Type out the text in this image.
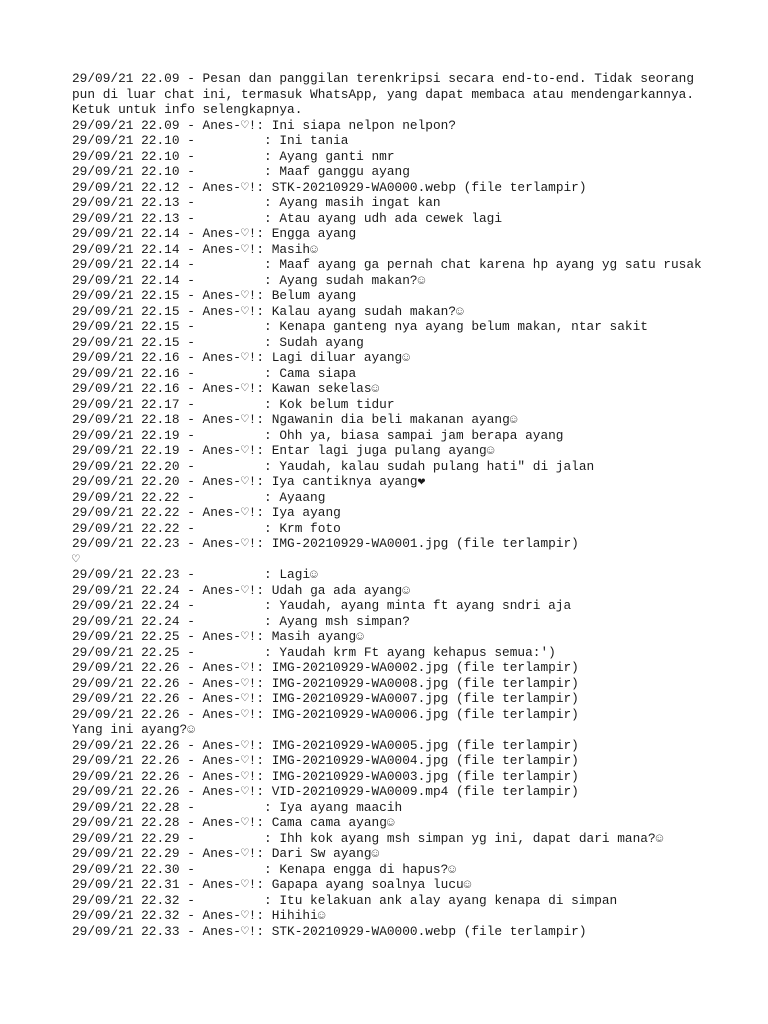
29/09/21 22.09 - Pesan dan panggilan terenkripsi secara end-to-end. Tidak seorang
pun di luar chat ini, termasuk WhatsApp, yang dapat membaca atau mendengarkannya.
Ketuk untuk info selengkapnya.
29/09/21 22.09 - Anes-♡!: Ini siapa nelpon nelpon?
29/09/21 22.10 -         : Ini tania
29/09/21 22.10 -         : Ayang ganti nmr
29/09/21 22.10 -         : Maaf ganggu ayang
29/09/21 22.12 - Anes-♡!: STK-20210929-WA0000.webp (file terlampir)
29/09/21 22.13 -         : Ayang masih ingat kan
29/09/21 22.13 -         : Atau ayang udh ada cewek lagi
29/09/21 22.14 - Anes-♡!: Engga ayang
29/09/21 22.14 - Anes-♡!: Masih☺
29/09/21 22.14 -         : Maaf ayang ga pernah chat karena hp ayang yg satu rusak
29/09/21 22.14 -         : Ayang sudah makan?☺
29/09/21 22.15 - Anes-♡!: Belum ayang
29/09/21 22.15 - Anes-♡!: Kalau ayang sudah makan?☺
29/09/21 22.15 -         : Kenapa ganteng nya ayang belum makan, ntar sakit
29/09/21 22.15 -         : Sudah ayang
29/09/21 22.16 - Anes-♡!: Lagi diluar ayang☺
29/09/21 22.16 -         : Cama siapa
29/09/21 22.16 - Anes-♡!: Kawan sekelas☺
29/09/21 22.17 -         : Kok belum tidur
29/09/21 22.18 - Anes-♡!: Ngawanin dia beli makanan ayang☺
29/09/21 22.19 -         : Ohh ya, biasa sampai jam berapa ayang
29/09/21 22.19 - Anes-♡!: Entar lagi juga pulang ayang☺
29/09/21 22.20 -         : Yaudah, kalau sudah pulang hati" di jalan
29/09/21 22.20 - Anes-♡!: Iya cantiknya ayang❤
29/09/21 22.22 -         : Ayaang
29/09/21 22.22 - Anes-♡!: Iya ayang
29/09/21 22.22 -         : Krm foto
29/09/21 22.23 - Anes-♡!: IMG-20210929-WA0001.jpg (file terlampir)
♡
29/09/21 22.23 -         : Lagi☺
29/09/21 22.24 - Anes-♡!: Udah ga ada ayang☺
29/09/21 22.24 -         : Yaudah, ayang minta ft ayang sndri aja
29/09/21 22.24 -         : Ayang msh simpan?
29/09/21 22.25 - Anes-♡!: Masih ayang☺
29/09/21 22.25 -         : Yaudah krm Ft ayang kehapus semua:')
29/09/21 22.26 - Anes-♡!: IMG-20210929-WA0002.jpg (file terlampir)
29/09/21 22.26 - Anes-♡!: IMG-20210929-WA0008.jpg (file terlampir)
29/09/21 22.26 - Anes-♡!: IMG-20210929-WA0007.jpg (file terlampir)
29/09/21 22.26 - Anes-♡!: IMG-20210929-WA0006.jpg (file terlampir)
Yang ini ayang?☺
29/09/21 22.26 - Anes-♡!: IMG-20210929-WA0005.jpg (file terlampir)
29/09/21 22.26 - Anes-♡!: IMG-20210929-WA0004.jpg (file terlampir)
29/09/21 22.26 - Anes-♡!: IMG-20210929-WA0003.jpg (file terlampir)
29/09/21 22.26 - Anes-♡!: VID-20210929-WA0009.mp4 (file terlampir)
29/09/21 22.28 -         : Iya ayang maacih
29/09/21 22.28 - Anes-♡!: Cama cama ayang☺
29/09/21 22.29 -         : Ihh kok ayang msh simpan yg ini, dapat dari mana?☺
29/09/21 22.29 - Anes-♡!: Dari Sw ayang☺
29/09/21 22.30 -         : Kenapa engga di hapus?☺
29/09/21 22.31 - Anes-♡!: Gapapa ayang soalnya lucu☺
29/09/21 22.32 -         : Itu kelakuan ank alay ayang kenapa di simpan
29/09/21 22.32 - Anes-♡!: Hihihi☺
29/09/21 22.33 - Anes-♡!: STK-20210929-WA0000.webp (file terlampir)
